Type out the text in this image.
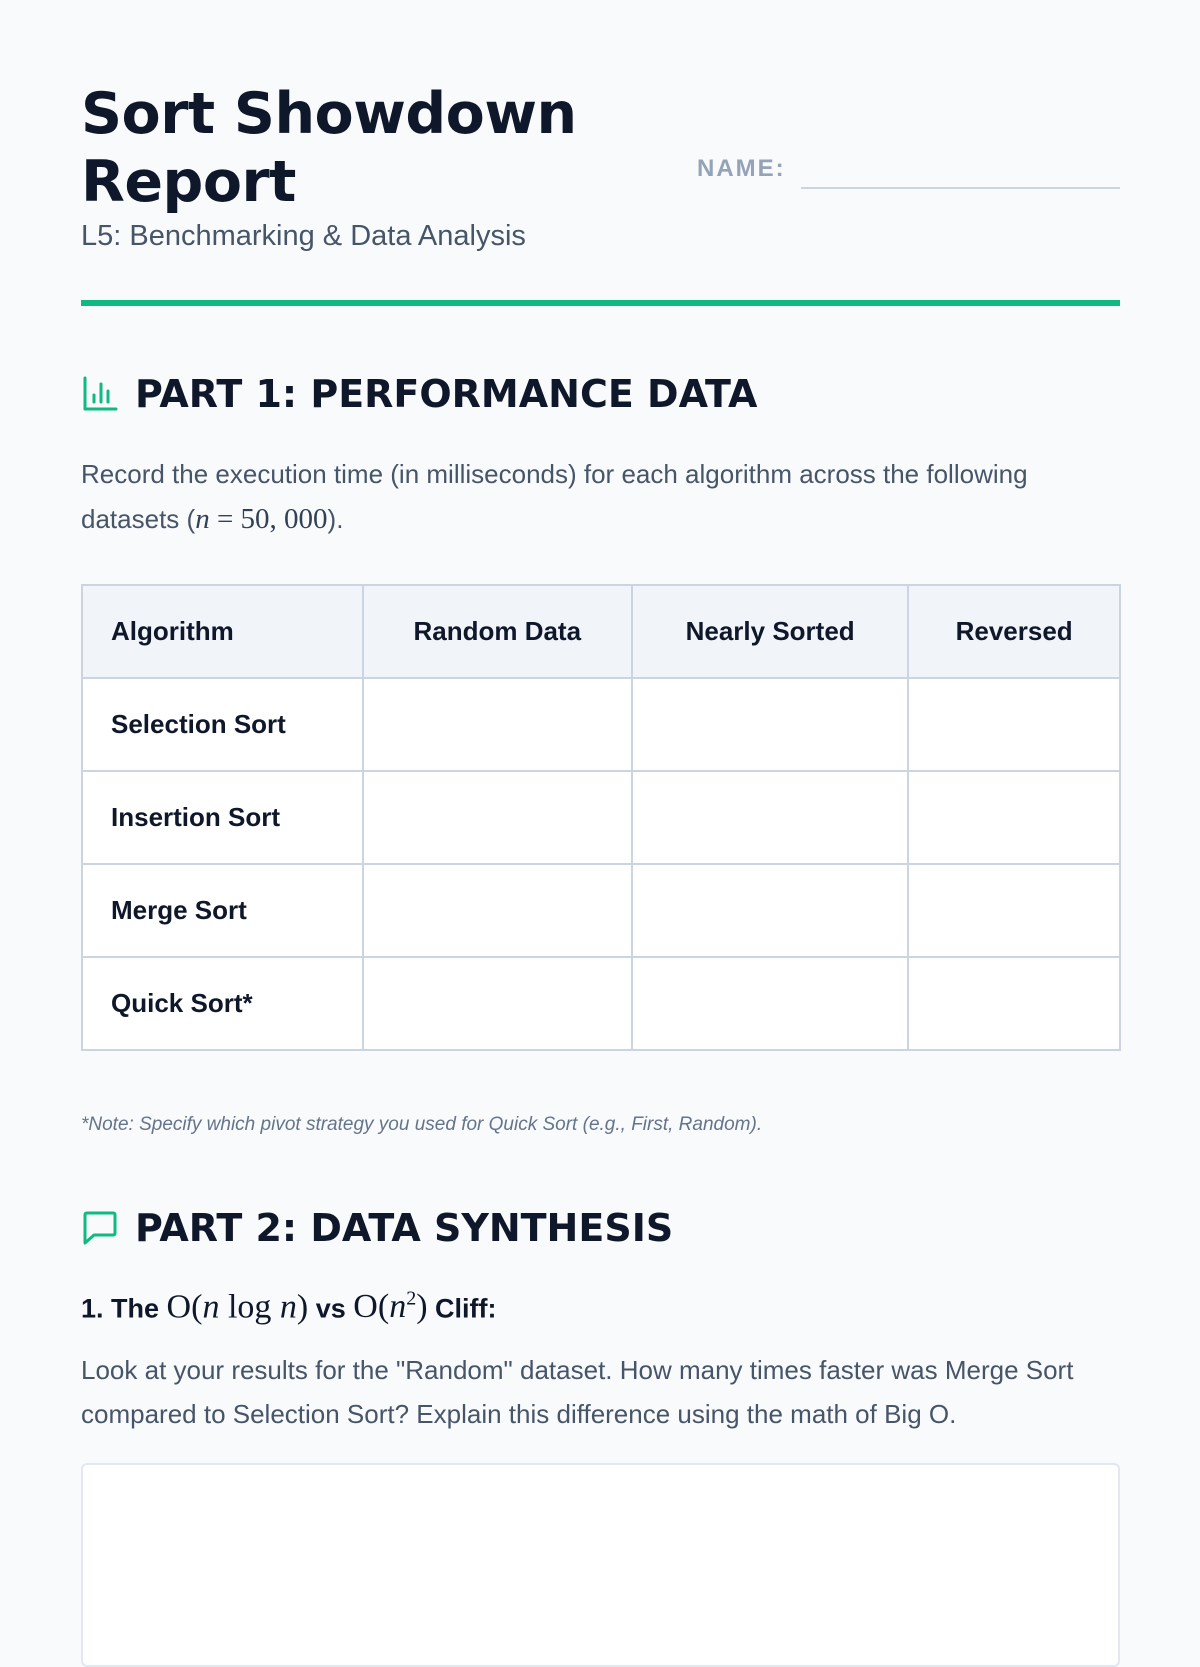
Sort Showdown Report
L5: Benchmarking & Data Analysis
NAME:
PART 1: PERFORMANCE DATA

Record the execution time (in milliseconds) for each algorithm across the following datasets (n = 50, 000).

Algorithm	Random Data	Nearly Sorted	Reversed
Selection Sort			
Insertion Sort			
Merge Sort			
Quick Sort*			
*Note: Specify which pivot strategy you used for Quick Sort (e.g., First, Random).
PART 2: DATA SYNTHESIS
1. The O(n log n) vs $O(n^2)$ Cliff:

Look at your results for the "Random" dataset. How many times faster was Merge Sort compared to Selection Sort? Explain this difference using the math of Big O.
